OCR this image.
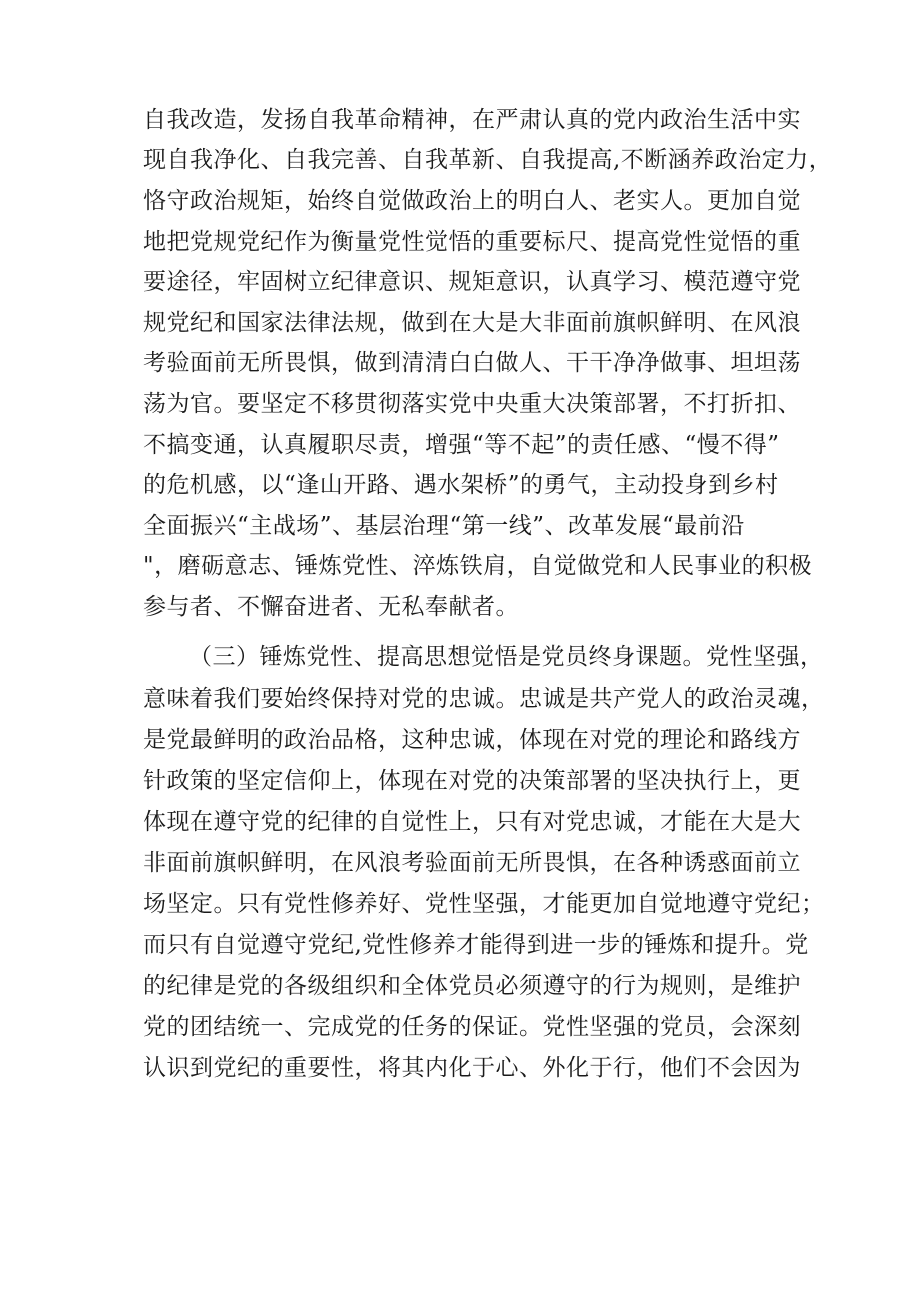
自我改造，发扬自我革命精神，在严肃认真的党内政治生活中实
现自我净化、自我完善、自我革新、自我提高,不断涵养政治定力，
恪守政治规矩，始终自觉做政治上的明白人、老实人。更加自觉
地把党规党纪作为衡量党性觉悟的重要标尺、提高党性觉悟的重
要途径，牢固树立纪律意识、规矩意识，认真学习、模范遵守党
规党纪和国家法律法规，做到在大是大非面前旗帜鲜明、在风浪
考验面前无所畏惧，做到清清白白做人、干干净净做事、坦坦荡
荡为官。要坚定不移贯彻落实党中央重大决策部署，不打折扣、
不搞变通，认真履职尽责，增强“等不起”的责任感、“慢不得”
的危机感，以“逢山开路、遇水架桥”的勇气，主动投身到乡村
全面振兴“主战场”、基层治理“第一线”、改革发展“最前沿
"，磨砺意志、锤炼党性、淬炼铁肩，自觉做党和人民事业的积极
参与者、不懈奋进者、无私奉献者。
（三）锤炼党性、提高思想觉悟是党员终身课题。党性坚强，
意味着我们要始终保持对党的忠诚。忠诚是共产党人的政治灵魂，
是党最鲜明的政治品格，这种忠诚，体现在对党的理论和路线方
针政策的坚定信仰上，体现在对党的决策部署的坚决执行上，更
体现在遵守党的纪律的自觉性上，只有对党忠诚，才能在大是大
非面前旗帜鲜明，在风浪考验面前无所畏惧，在各种诱惑面前立
场坚定。只有党性修养好、党性坚强，才能更加自觉地遵守党纪；
而只有自觉遵守党纪,党性修养才能得到进一步的锤炼和提升。党
的纪律是党的各级组织和全体党员必须遵守的行为规则，是维护
党的团结统一、完成党的任务的保证。党性坚强的党员，会深刻
认识到党纪的重要性，将其内化于心、外化于行，他们不会因为
